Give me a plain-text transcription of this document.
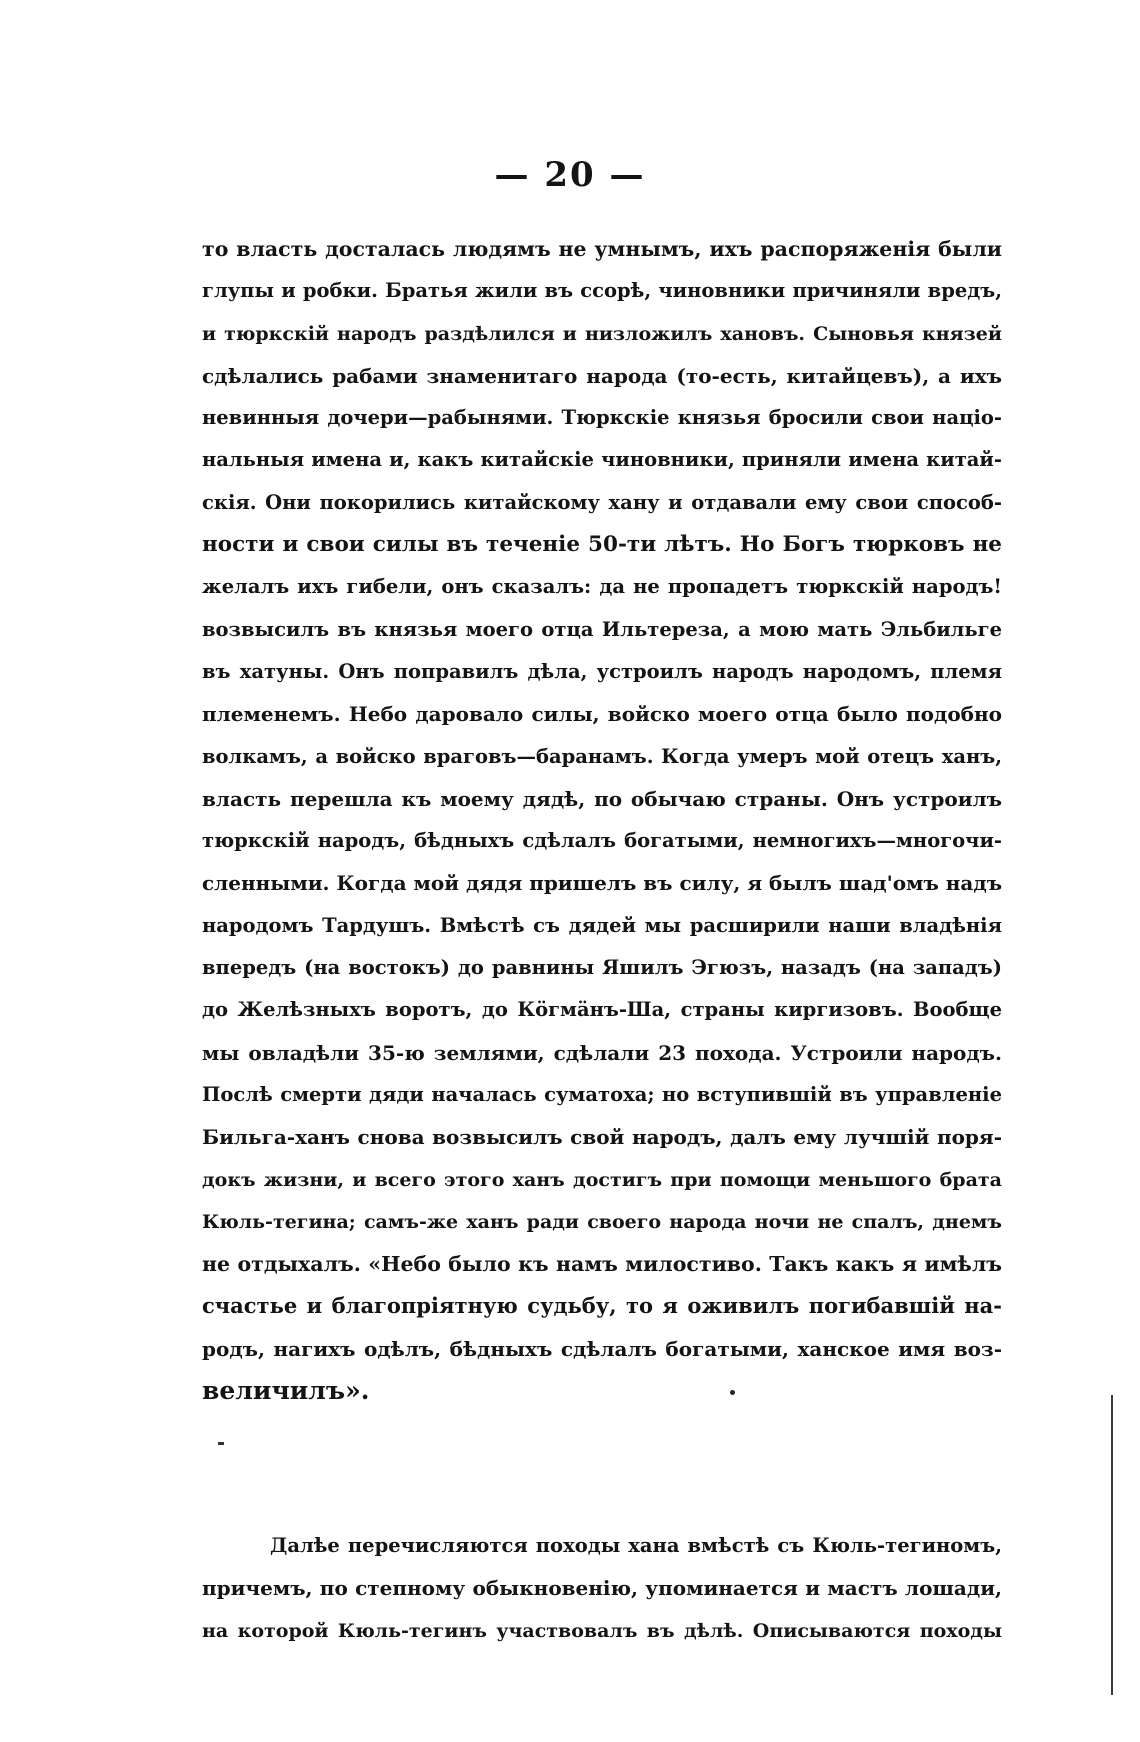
— 20 —
то власть досталась людямъ не умнымъ, ихъ распоряженія были
глупы и робки. Братья жили въ ссорѣ, чиновники причиняли вредъ,
и тюркскій народъ раздѣлился и низложилъ хановъ. Сыновья князей
сдѣлались рабами знаменитаго народа (то-есть, китайцевъ), а ихъ
невинныя дочери—рабынями. Тюркскіе князья бросили свои націо-
нальныя имена и, какъ китайскіе чиновники, приняли имена китай-
скія. Они покорились китайскому хану и отдавали ему свои способ-
ности и свои силы въ теченіе 50-ти лѣтъ. Но Богъ тюрковъ не
желалъ ихъ гибели, онъ сказалъ: да не пропадетъ тюркскій народъ!
возвысилъ въ князья моего отца Ильтереза, а мою мать Эльбильге
въ хатуны. Онъ поправилъ дѣла, устроилъ народъ народомъ, племя
племенемъ. Небо даровало силы, войско моего отца было подобно
волкамъ, а войско враговъ—баранамъ. Когда умеръ мой отецъ ханъ,
власть перешла къ моему дядѣ, по обычаю страны. Онъ устроилъ
тюркскій народъ, бѣдныхъ сдѣлалъ богатыми, немногихъ—многочи-
сленными. Когда мой дядя пришелъ въ силу, я былъ шад'омъ надъ
народомъ Тардушъ. Вмѣстѣ съ дядей мы расширили наши владѣнія
впередъ (на востокъ) до равнины Яшилъ Эгюзъ, назадъ (на западъ)
до Желѣзныхъ воротъ, до Кöгмäнъ-Ша, страны киргизовъ. Вообще
мы овладѣли 35-ю землями, сдѣлали 23 похода. Устроили народъ.
Послѣ смерти дяди началась суматоха; но вступившій въ управленіе
Бильга-ханъ снова возвысилъ свой народъ, далъ ему лучшій поря-
докъ жизни, и всего этого ханъ достигъ при помощи меньшого брата
Кюль-тегина; самъ-же ханъ ради своего народа ночи не спалъ, днемъ
не отдыхалъ. «Небо было къ намъ милостиво. Такъ какъ я имѣлъ
счастье и благопріятную судьбу, то я оживилъ погибавшій на-
родъ, нагихъ одѣлъ, бѣдныхъ сдѣлалъ богатыми, ханское имя воз-
величилъ».
Далѣе перечисляются походы хана вмѣстѣ съ Кюль-тегиномъ,
причемъ, по степному обыкновенію, упоминается и мастъ лошади,
на которой Кюль-тегинъ участвовалъ въ дѣлѣ. Описываются походы
